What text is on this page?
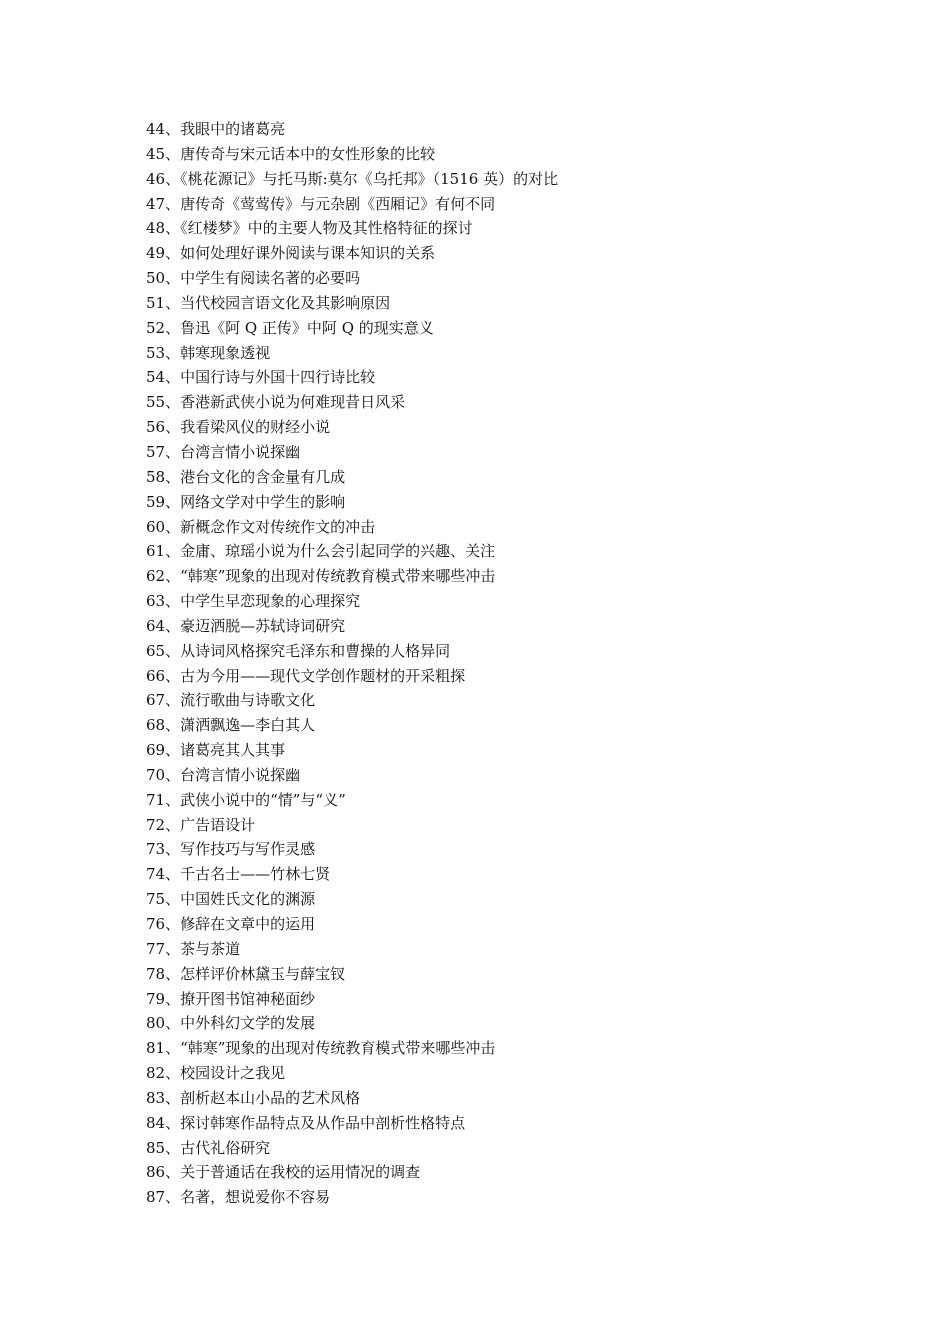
44、我眼中的诸葛亮
45、唐传奇与宋元话本中的女性形象的比较
46、《桃花源记》与托马斯:莫尔《乌托邦》（1516 英）的对比
47、唐传奇《莺莺传》与元杂剧《西厢记》有何不同
48、《红楼梦》中的主要人物及其性格特征的探讨
49、如何处理好课外阅读与课本知识的关系
50、中学生有阅读名著的必要吗
51、当代校园言语文化及其影响原因
52、鲁迅《阿 Q 正传》中阿 Q 的现实意义
53、韩寒现象透视
54、中国行诗与外国十四行诗比较
55、香港新武侠小说为何难现昔日风采
56、我看梁风仪的财经小说
57、台湾言情小说探幽
58、港台文化的含金量有几成
59、网络文学对中学生的影响
60、新概念作文对传统作文的冲击
61、金庸、琼瑶小说为什么会引起同学的兴趣、关注
62、“韩寒”现象的出现对传统教育模式带来哪些冲击
63、中学生早恋现象的心理探究
64、豪迈洒脱—苏轼诗词研究
65、从诗词风格探究毛泽东和曹操的人格异同
66、古为今用——现代文学创作题材的开采粗探
67、流行歌曲与诗歌文化
68、潇洒飘逸—李白其人
69、诸葛亮其人其事
70、台湾言情小说探幽
71、武侠小说中的“情”与“义”
72、广告语设计
73、写作技巧与写作灵感
74、千古名士——竹林七贤
75、中国姓氏文化的渊源
76、修辞在文章中的运用
77、茶与茶道
78、怎样评价林黛玉与薛宝钗
79、撩开图书馆神秘面纱
80、中外科幻文学的发展
81、“韩寒”现象的出现对传统教育模式带来哪些冲击
82、校园设计之我见
83、剖析赵本山小品的艺术风格
84、探讨韩寒作品特点及从作品中剖析性格特点
85、古代礼俗研究
86、关于普通话在我校的运用情况的调查
87、名著，想说爱你不容易
